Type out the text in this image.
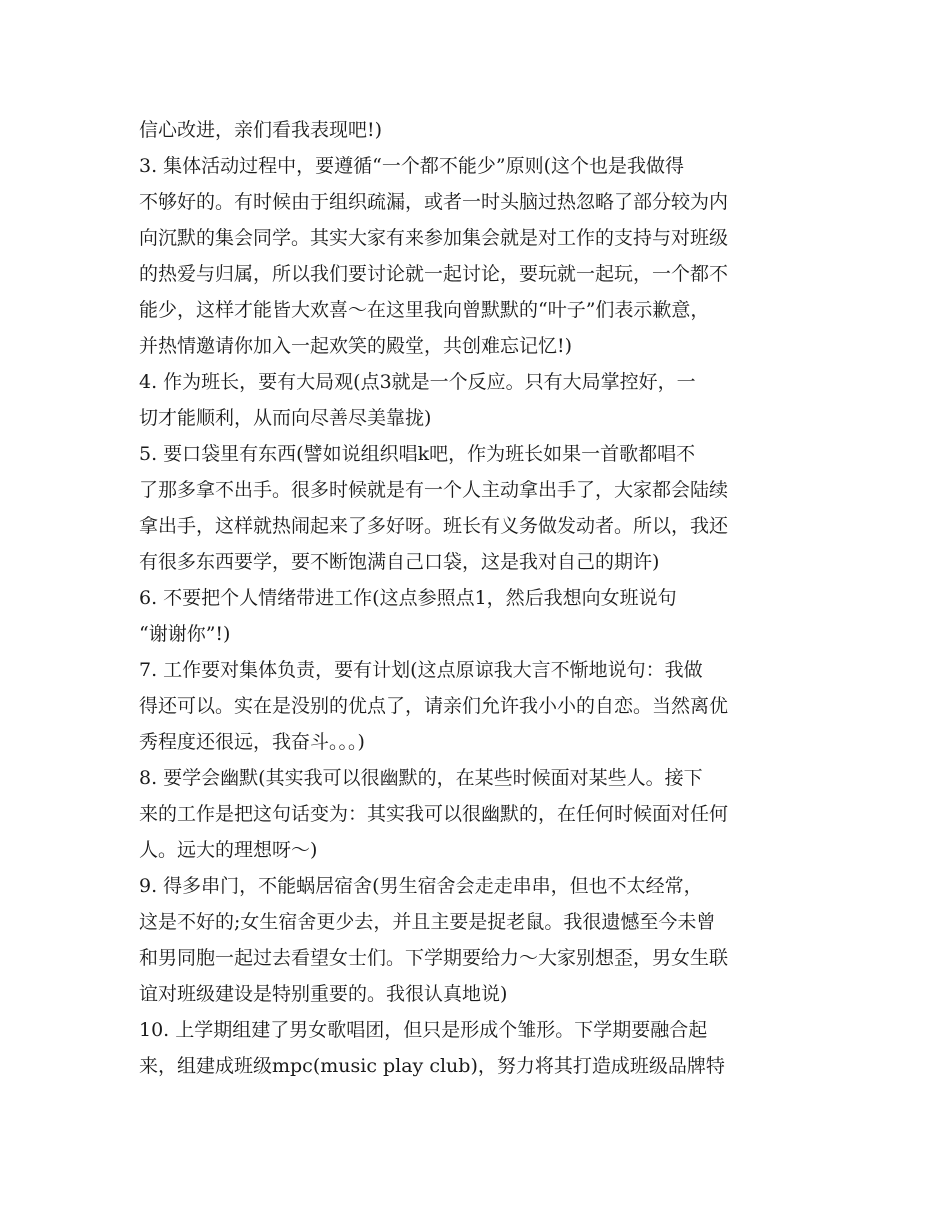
信心改进，亲们看我表现吧!)
3. 集体活动过程中，要遵循“一个都不能少”原则(这个也是我做得
不够好的。有时候由于组织疏漏，或者一时头脑过热忽略了部分较为内
向沉默的集会同学。其实大家有来参加集会就是对工作的支持与对班级
的热爱与归属，所以我们要讨论就一起讨论，要玩就一起玩，一个都不
能少，这样才能皆大欢喜～在这里我向曾默默的“叶子”们表示歉意，
并热情邀请你加入一起欢笑的殿堂，共创难忘记忆!)
4. 作为班长，要有大局观(点3就是一个反应。只有大局掌控好，一
切才能顺利，从而向尽善尽美靠拢)
5. 要口袋里有东西(譬如说组织唱k吧，作为班长如果一首歌都唱不
了那多拿不出手。很多时候就是有一个人主动拿出手了，大家都会陆续
拿出手，这样就热闹起来了多好呀。班长有义务做发动者。所以，我还
有很多东西要学，要不断饱满自己口袋，这是我对自己的期许)
6. 不要把个人情绪带进工作(这点参照点1，然后我想向女班说句
“谢谢你”!)
7. 工作要对集体负责，要有计划(这点原谅我大言不惭地说句：我做
得还可以。实在是没别的优点了，请亲们允许我小小的自恋。当然离优
秀程度还很远，我奋斗。。。)
8. 要学会幽默(其实我可以很幽默的，在某些时候面对某些人。接下
来的工作是把这句话变为：其实我可以很幽默的，在任何时候面对任何
人。远大的理想呀～)
9. 得多串门，不能蜗居宿舍(男生宿舍会走走串串，但也不太经常，
这是不好的;女生宿舍更少去，并且主要是捉老鼠。我很遗憾至今未曾
和男同胞一起过去看望女士们。下学期要给力～大家别想歪，男女生联
谊对班级建设是特别重要的。我很认真地说)
10. 上学期组建了男女歌唱团，但只是形成个雏形。下学期要融合起
来，组建成班级mpc(music play club)，努力将其打造成班级品牌特
